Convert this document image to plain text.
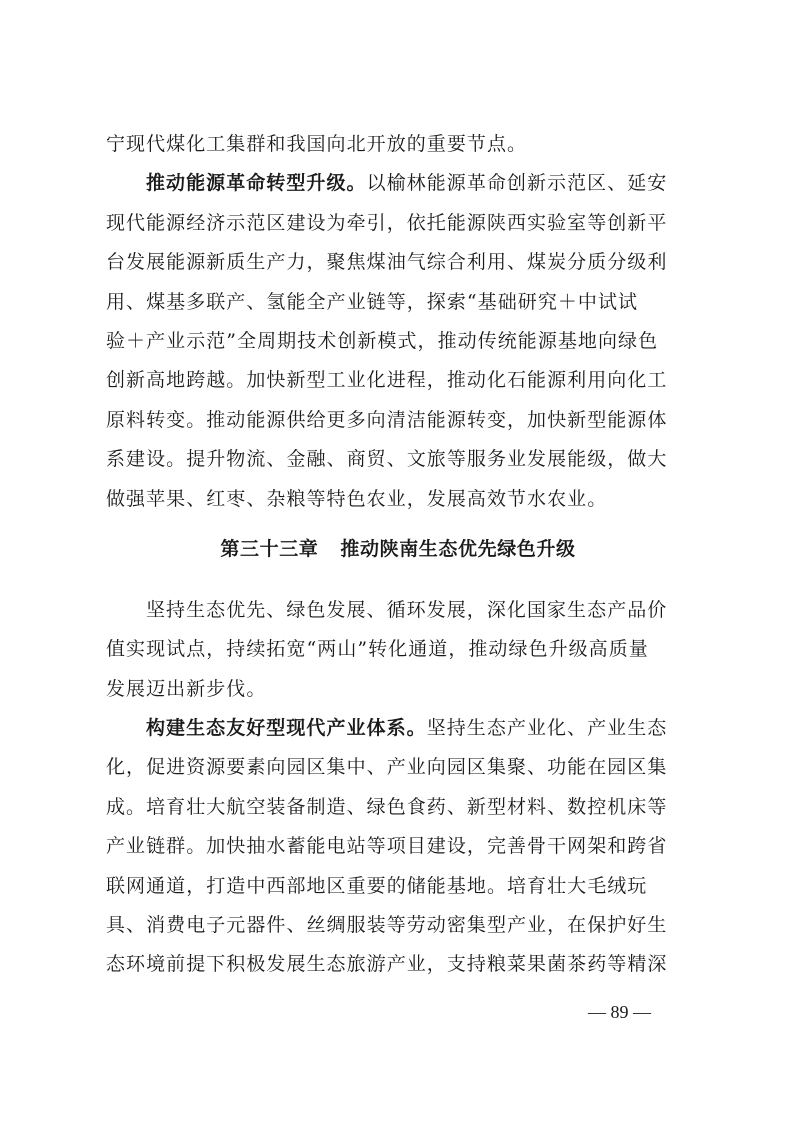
宁现代煤化工集群和我国向北开放的重要节点。
推动能源革命转型升级。以榆林能源革命创新示范区、延安
现代能源经济示范区建设为牵引，依托能源陕西实验室等创新平
台发展能源新质生产力，聚焦煤油气综合利用、煤炭分质分级利
用、煤基多联产、氢能全产业链等，探索“基础研究＋中试试
验＋产业示范”全周期技术创新模式，推动传统能源基地向绿色
创新高地跨越。加快新型工业化进程，推动化石能源利用向化工
原料转变。推动能源供给更多向清洁能源转变，加快新型能源体
系建设。提升物流、金融、商贸、文旅等服务业发展能级，做大
做强苹果、红枣、杂粮等特色农业，发展高效节水农业。
第三十三章 推动陕南生态优先绿色升级
坚持生态优先、绿色发展、循环发展，深化国家生态产品价
值实现试点，持续拓宽“两山”转化通道，推动绿色升级高质量
发展迈出新步伐。
构建生态友好型现代产业体系。坚持生态产业化、产业生态
化，促进资源要素向园区集中、产业向园区集聚、功能在园区集
成。培育壮大航空装备制造、绿色食药、新型材料、数控机床等
产业链群。加快抽水蓄能电站等项目建设，完善骨干网架和跨省
联网通道，打造中西部地区重要的储能基地。培育壮大毛绒玩
具、消费电子元器件、丝绸服装等劳动密集型产业，在保护好生
态环境前提下积极发展生态旅游产业，支持粮菜果菌茶药等精深
— 89 —
